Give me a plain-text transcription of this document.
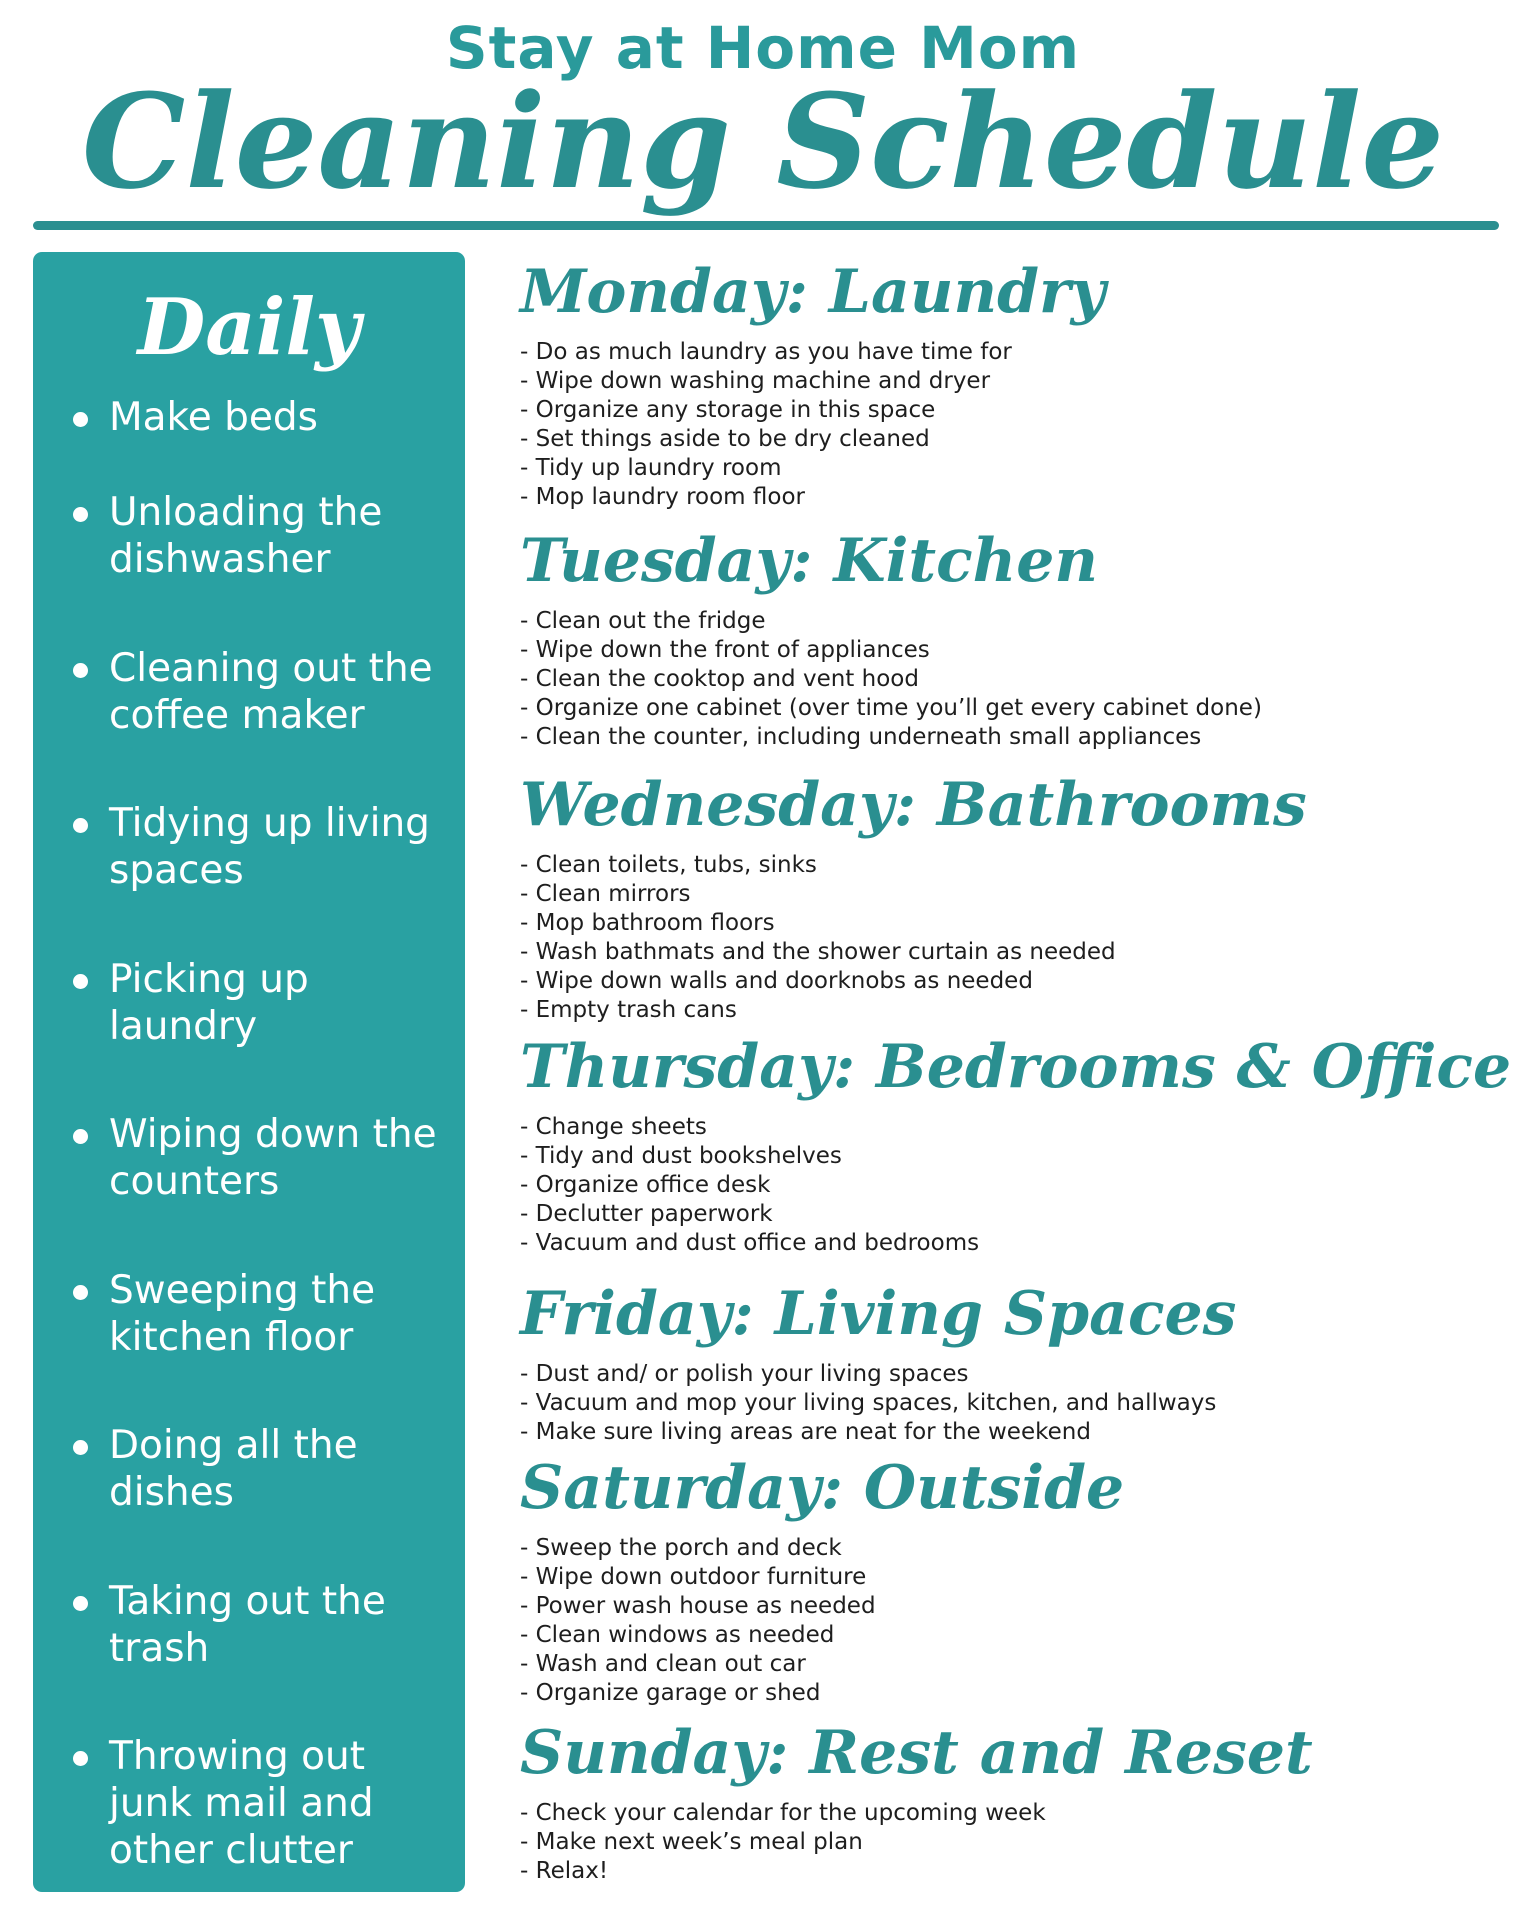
Stay at Home Mom
Cleaning Schedule
Daily
Make beds
Unloading the dishwasher
Cleaning out the coffee maker
Tidying up living spaces
Picking up laundry
Wiping down the counters
Sweeping the kitchen floor
Doing all the dishes
Taking out the trash
Throwing out junk mail and other clutter
Monday: Laundry
- Do as much laundry as you have time for
- Wipe down washing machine and dryer
- Organize any storage in this space
- Set things aside to be dry cleaned
- Tidy up laundry room
- Mop laundry room floor
Tuesday: Kitchen
- Clean out the fridge
- Wipe down the front of appliances
- Clean the cooktop and vent hood
- Organize one cabinet (over time you’ll get every cabinet done)
- Clean the counter, including underneath small appliances
Wednesday: Bathrooms
- Clean toilets, tubs, sinks
- Clean mirrors
- Mop bathroom floors
- Wash bathmats and the shower curtain as needed
- Wipe down walls and doorknobs as needed
- Empty trash cans
Thursday: Bedrooms & Office
- Change sheets
- Tidy and dust bookshelves
- Organize office desk
- Declutter paperwork
- Vacuum and dust office and bedrooms
Friday: Living Spaces
- Dust and/ or polish your living spaces
- Vacuum and mop your living spaces, kitchen, and hallways
- Make sure living areas are neat for the weekend
Saturday: Outside
- Sweep the porch and deck
- Wipe down outdoor furniture
- Power wash house as needed
- Clean windows as needed
- Wash and clean out car
- Organize garage or shed
Sunday: Rest and Reset
- Check your calendar for the upcoming week
- Make next week’s meal plan
- Relax!
